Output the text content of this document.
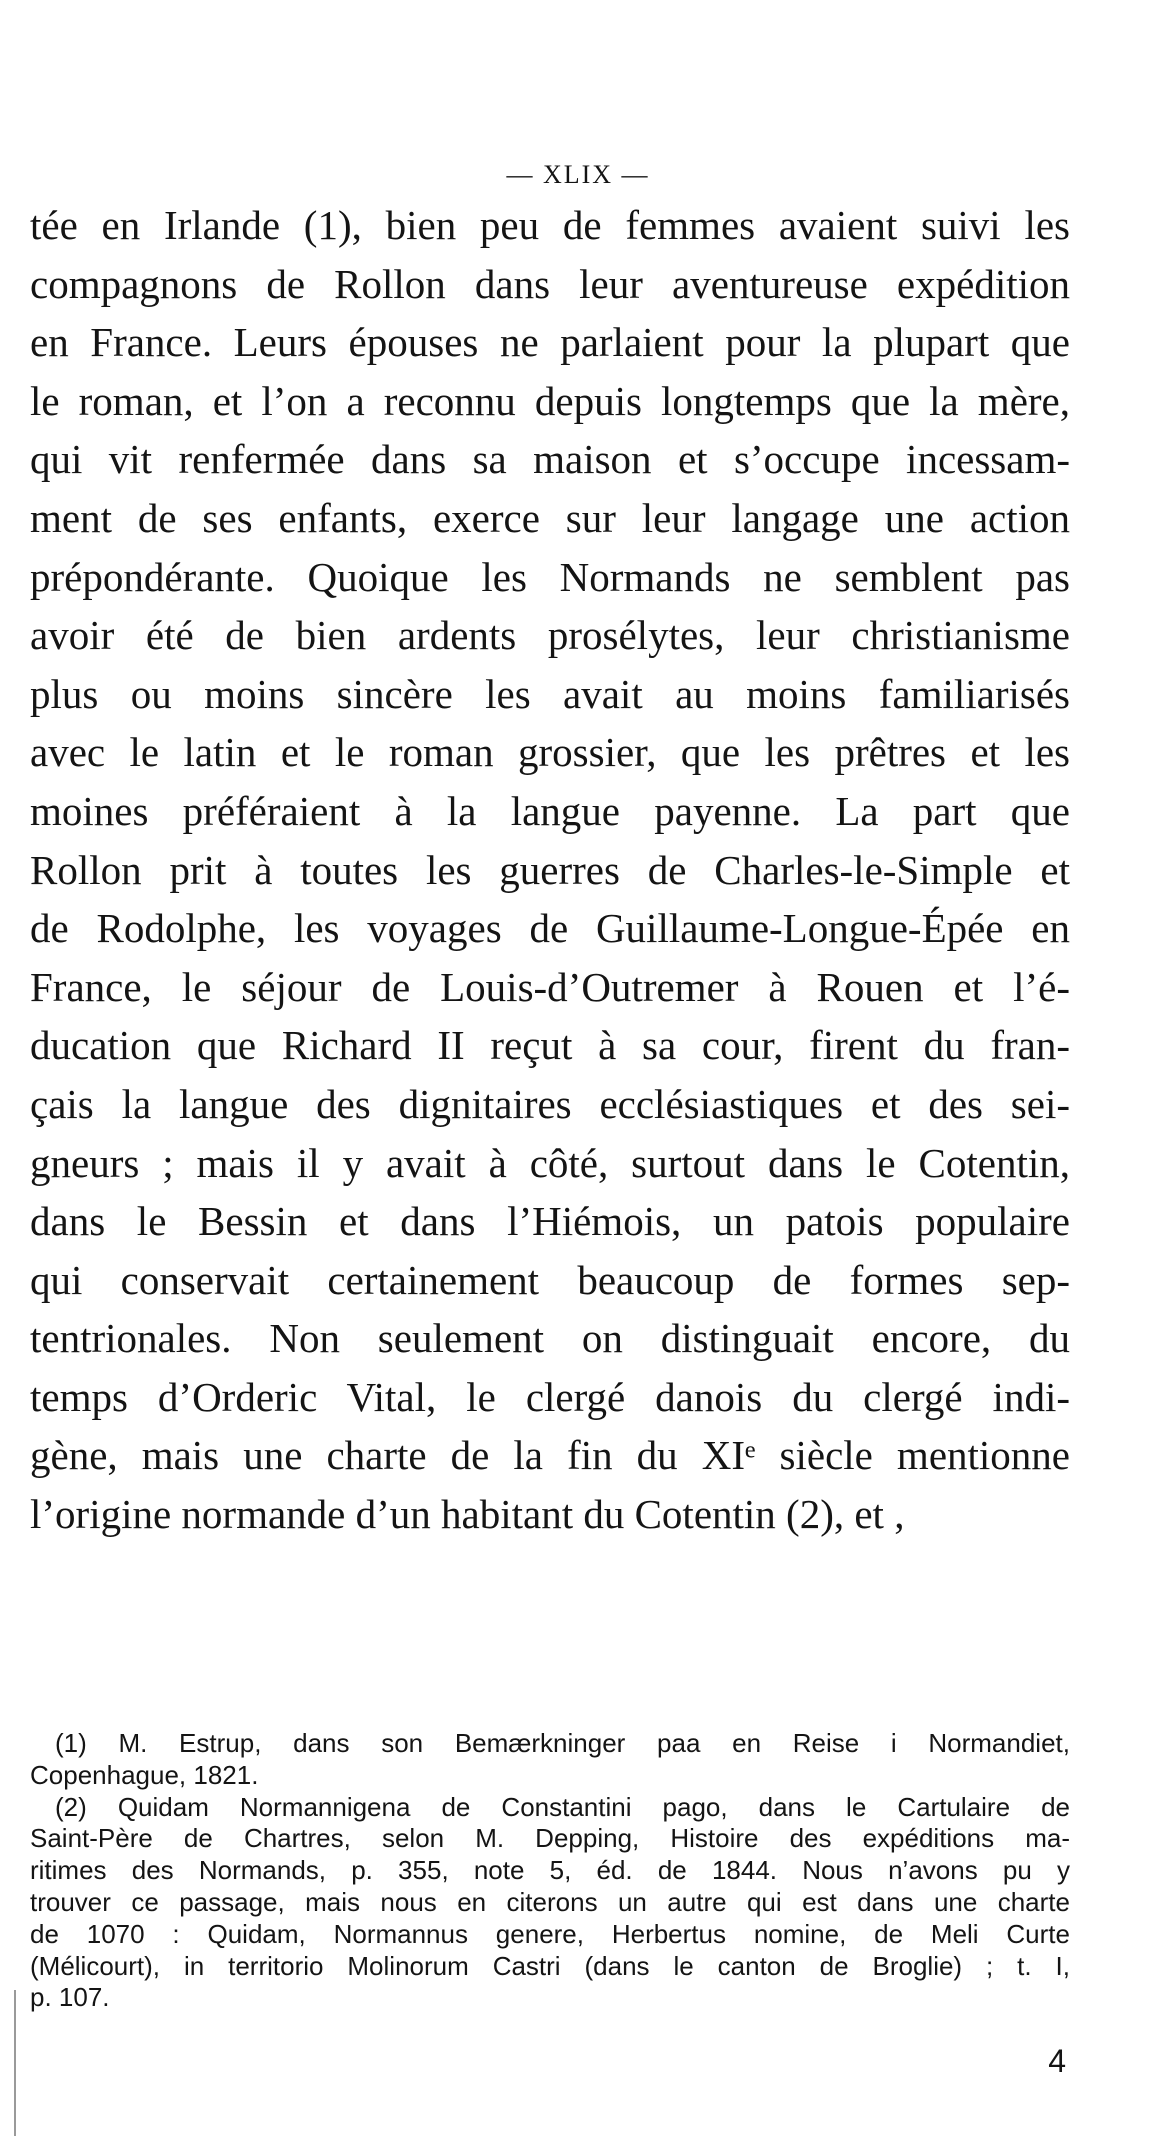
— XLIX —
tée en Irlande (1), bien peu de femmes avaient suivi les
compagnons de Rollon dans leur aventureuse expédition
en France. Leurs épouses ne parlaient pour la plupart que
le roman, et l’on a reconnu depuis longtemps que la mère,
qui vit renfermée dans sa maison et s’occupe incessam-
ment de ses enfants, exerce sur leur langage une action
prépondérante. Quoique les Normands ne semblent pas
avoir été de bien ardents prosélytes, leur christianisme
plus ou moins sincère les avait au moins familiarisés
avec le latin et le roman grossier, que les prêtres et les
moines préféraient à la langue payenne. La part que
Rollon prit à toutes les guerres de Charles-le-Simple et
de Rodolphe, les voyages de Guillaume-Longue-Épée en
France, le séjour de Louis-d’Outremer à Rouen et l’é-
ducation que Richard II reçut à sa cour, firent du fran-
çais la langue des dignitaires ecclésiastiques et des sei-
gneurs ; mais il y avait à côté, surtout dans le Cotentin,
dans le Bessin et dans l’Hiémois, un patois populaire
qui conservait certainement beaucoup de formes sep-
tentrionales. Non seulement on distinguait encore, du
temps d’Orderic Vital, le clergé danois du clergé indi-
gène, mais une charte de la fin du XIᵉ siècle mentionne
l’origine normande d’un habitant du Cotentin (2), et ,
(1) M. Estrup, dans son Bemærkninger paa en Reise i Normandiet,
Copenhague, 1821.
(2) Quidam Normannigena de Constantini pago, dans le Cartulaire de
Saint-Père de Chartres, selon M. Depping, Histoire des expéditions ma-
ritimes des Normands, p. 355, note 5, éd. de 1844. Nous n’avons pu y
trouver ce passage, mais nous en citerons un autre qui est dans une charte
de 1070 : Quidam, Normannus genere, Herbertus nomine, de Meli Curte
(Mélicourt), in territorio Molinorum Castri (dans le canton de Broglie) ; t. I,
p. 107.
4
